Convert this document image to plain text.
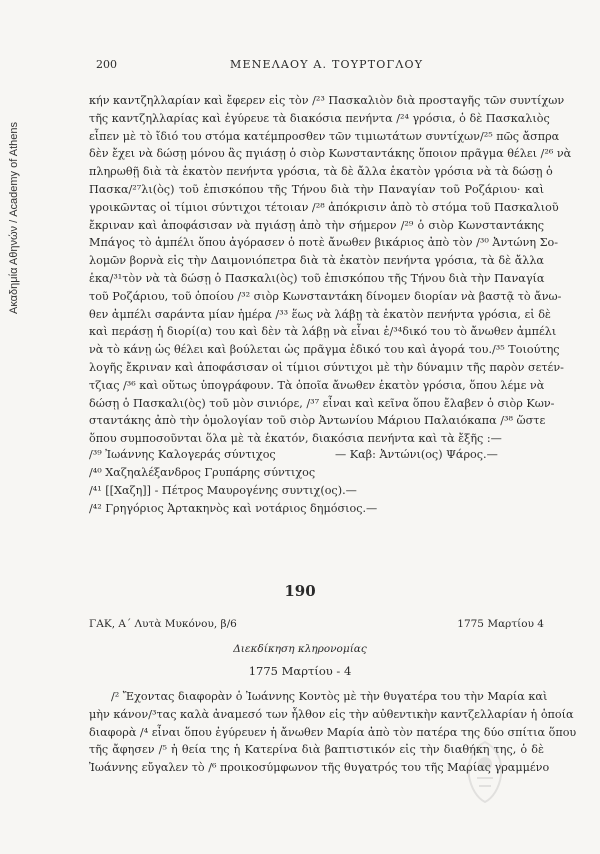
Ακαδημία Αθηνών / Academy of Athens
200	ΜΕΝΕΛΑΟΥ Α. ΤΟΥΡΤΟΓΛΟΥ

κήν καντζηλλαρίαν καὶ ἔφερεν εἰς τὸν /²³ Πασκαλιὸν διὰ προσταγῆς τῶν συντίχων

τῆς καντζηλλαρίας καὶ ἐγύρευε τὰ διακόσια πενήντα /²⁴ γρόσια, ὁ δὲ Πασκαλιὸς

εἶπεν μὲ τὸ ἴδιό του στόμα κατέμπροσθεν τῶν τιμιωτάτων συντίχων/²⁵ πῶς ἄσπρα

δὲν ἔχει νὰ δώσῃ μόνου ἂς πγιάσῃ ὁ σιὸρ Κωνσταντάκης ὅποιον πρᾶγμα θέλει /²⁶ νὰ

πληρωθῇ διὰ τὰ ἑκατὸν πενήντα γρόσια, τὰ δὲ ἄλλα ἑκατὸν γρόσια νὰ τὰ δώσῃ ὁ

Πασκα/²⁷λι(ὸς) τοῦ ἐπισκόπου τῆς Τήνου διὰ τὴν Παναγίαν τοῦ Ροζάριου· καὶ

γροικῶντας οἱ τίμιοι σύντιχοι τέτοιαν /²⁸ ἀπόκρισιν ἀπὸ τὸ στόμα τοῦ Πασκαλιοῦ

ἔκριναν καὶ ἀποφάσισαν νὰ πγιάσῃ ἀπὸ τὴν σήμερον /²⁹ ὁ σιὸρ Κωνσταντάκης

Μπάγος τὸ ἀμπέλι ὅπου ἀγόρασεν ὁ ποτὲ ἄνωθεν βικάριος ἀπὸ τὸν /³⁰ Ἀντώνη Σο-

λομῶν βορνὰ εἰς τὴν Δαιμονιόπετρα διὰ τὰ ἑκατὸν πενήντα γρόσια, τὰ δὲ ἄλλα

ἑκα/³¹τὸν νὰ τὰ δώσῃ ὁ Πασκαλι(ὸς) τοῦ ἐπισκόπου τῆς Τήνου διὰ τὴν Παναγία

τοῦ Ροζάριου, τοῦ ὁποίου /³² σιὸρ Κωνσταντάκη δίνομεν διορίαν νὰ βαστᾷ τὸ ἄνω-

θεν ἀμπέλι σαράντα μίαν ἡμέρα /³³ ἕως νὰ λάβῃ τὰ ἑκατὸν πενήντα γρόσια, εἰ δὲ

καὶ περάσῃ ἡ διορί(α) του καὶ δὲν τὰ λάβῃ νὰ εἶναι ἐ/³⁴δικό του τὸ ἄνωθεν ἀμπέλι

νὰ τὸ κάνῃ ὡς θέλει καὶ βούλεται ὡς πρᾶγμα ἐδικό του καὶ ἀγορά του./³⁵ Τοιούτης

λογῆς ἔκριναν καὶ ἀποφάσισαν οἱ τίμιοι σύντιχοι μὲ τὴν δύναμιν τῆς παρὸν σετέν-

τζιας /³⁶ καὶ οὕτως ὑπογράφουν. Τὰ ὁποῖα ἄνωθεν ἑκατὸν γρόσια, ὅπου λέμε νὰ

δώσῃ ὁ Πασκαλι(ὸς) τοῦ μὸν σινιόρε, /³⁷ εἶναι καὶ κεῖνα ὅπου ἔλαβεν ὁ σιὸρ Κων-

σταντάκης ἀπὸ τὴν ὁμολογίαν τοῦ σιὸρ Ἀντωνίου Μάριου Παλαιόκαπα /³⁸ ὥστε

ὅπου συμποσοῦνται ὅλα μὲ τὰ ἑκατόν, διακόσια πενήντα καὶ τὰ ἔξῆς :—

/³⁹ Ἰωάννης Καλογεράς σύντιχος	— Καβ: Ἀντώνι(ος) Ψάρος.—
/⁴⁰ Χαζηαλέξανδρος Γρυπάρης σύντιχος
/⁴¹ [[Χαζη]] - Πέτρος Μαυρογένης συντιχ(ος).—
/⁴² Γρηγόριος Ἀρτακηνὸς καὶ νοτάριος δημόσιος.—
190
ΓΑΚ, Α΄ Λυτὰ Μυκόνου, β/6	1775 Μαρτίου 4
Διεκδίκηση κληρονομίας
1775 Μαρτίου - 4

/² Ἔχοντας διαφορὰν ὁ Ἰωάννης Κοντὸς μὲ τὴν θυγατέρα του τὴν Μαρία καὶ

μὴν κάνον/³τας καλὰ ἀναμεσό των ἦλθον εἰς τὴν αὐθεντικὴν καντζελλαρίαν ἡ ὁποία

διαφορὰ /⁴ εἶναι ὅπου ἐγύρευεν ἡ ἄνωθεν Μαρία ἀπὸ τὸν πατέρα της δύο σπίτια ὅπου

τῆς ἄφησεν /⁵ ἡ θεία της ἡ Κατερίνα διὰ βαπτιστικόν εἰς τὴν διαθήκη της, ὁ δὲ

Ἰωάννης εὔγαλεν τὸ /⁶ προικοσύμφωνον τῆς θυγατρός του τῆς Μαρίας γραμμένο
